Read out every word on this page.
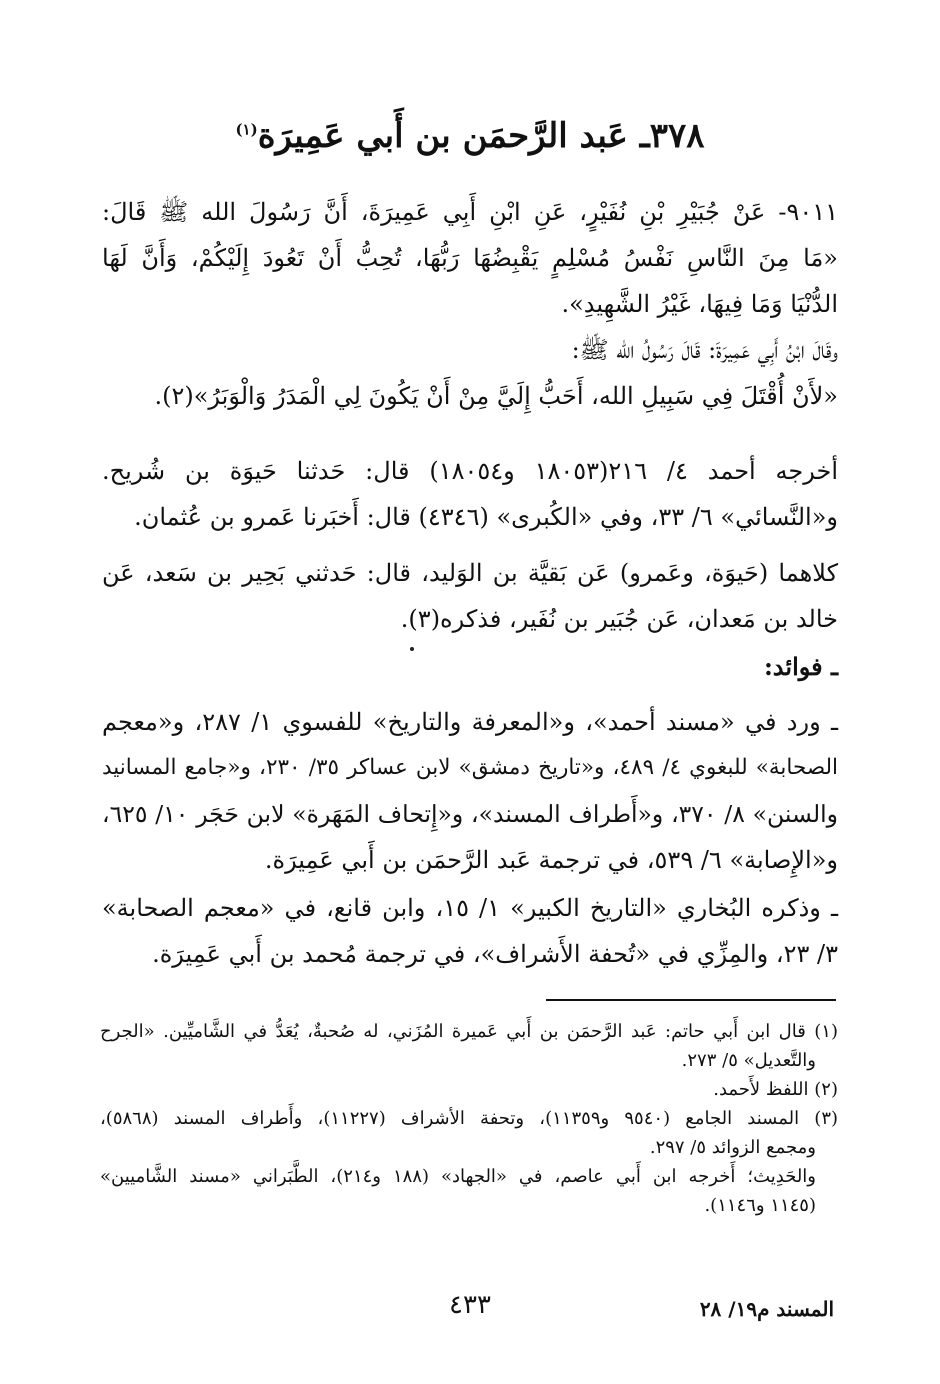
٣٧٨ـ عَبد الرَّحمَن بن أَبي عَمِيرَة$^{(١)}$
٩٠١١- عَنْ جُبَيْرِ بْنِ نُفَيْرٍ، عَنِ ابْنِ أَبِي عَمِيرَةَ، أَنَّ رَسُولَ الله ﷺ قَالَ:
«مَا مِنَ النَّاسِ نَفْسُ مُسْلِمٍ يَقْبِضُهَا رَبُّهَا، تُحِبُّ أَنْ تَعُودَ إِلَيْكُمْ، وَأَنَّ لَهَا
الدُّنْيَا وَمَا فِيهَا، غَيْرُ الشَّهِيدِ».
وقَالَ ابْنُ أَبِي عَمِيرَةَ: قَالَ رَسُولُ الله ﷺ:
«لأَنْ أُقْتَلَ فِي سَبِيلِ الله، أَحَبُّ إِلَيَّ مِنْ أَنْ يَكُونَ لِي الْمَدَرُ وَالْوَبَرُ»(٢).
أخرجه أحمد ٤/ ٢١٦(١٨٠٥٣ و١٨٠٥٤) قال: حَدثنا حَيوَة بن شُريح.
و«النَّسائي» ٦/ ٣٣، وفي «الكُبرى» (٤٣٤٦) قال: أَخبَرنا عَمرو بن عُثمان.
كلاهما (حَيوَة، وعَمرو) عَن بَقيَّة بن الوَليد، قال: حَدثني بَحِير بن سَعد، عَن
خالد بن مَعدان، عَن جُبَير بن نُفَير، فذكره(٣).
ـ فوائد:
ـ ورد في «مسند أحمد»، و«المعرفة والتاريخ» للفسوي ١/ ٢٨٧، و«معجم
الصحابة» للبغوي ٤/ ٤٨٩، و«تاريخ دمشق» لابن عساكر ٣٥/ ٢٣٠، و«جامع المسانيد
والسنن» ٨/ ٣٧٠، و«أَطراف المسند»، و«إِتحاف المَهَرة» لابن حَجَر ١٠/ ٦٢٥،
و«الإِصابة» ٦/ ٥٣٩، في ترجمة عَبد الرَّحمَن بن أَبي عَمِيرَة.
ـ وذكره البُخاري «التاريخ الكبير» ١/ ١٥، وابن قانع، في «معجم الصحابة»
٣/ ٢٣، والمِزِّي في «تُحفة الأَشراف»، في ترجمة مُحمد بن أَبي عَمِيرَة.
(١) قال ابن أَبي حاتم: عَبد الرَّحمَن بن أَبي عَميرة المُزَني، له صُحبةٌ، يُعَدُّ في الشَّاميِّين. «الجرح
والتَّعديل» ٥/ ٢٧٣.
(٢) اللفظ لأَحمد.
(٣) المسند الجامع (٩٥٤٠ و١١٣٥٩)، وتحفة الأشراف (١١٢٢٧)، وأَطراف المسند (٥٨٦٨)،
ومجمع الزوائد ٥/ ٢٩٧.
والحَدِيث؛ أَخرجه ابن أَبي عاصم، في «الجهاد» (١٨٨ و٢١٤)، الطَّبَراني «مسند الشَّاميين»
(١١٤٥ و١١٤٦).
٤٣٣	المسند م١٩/ ٢٨
